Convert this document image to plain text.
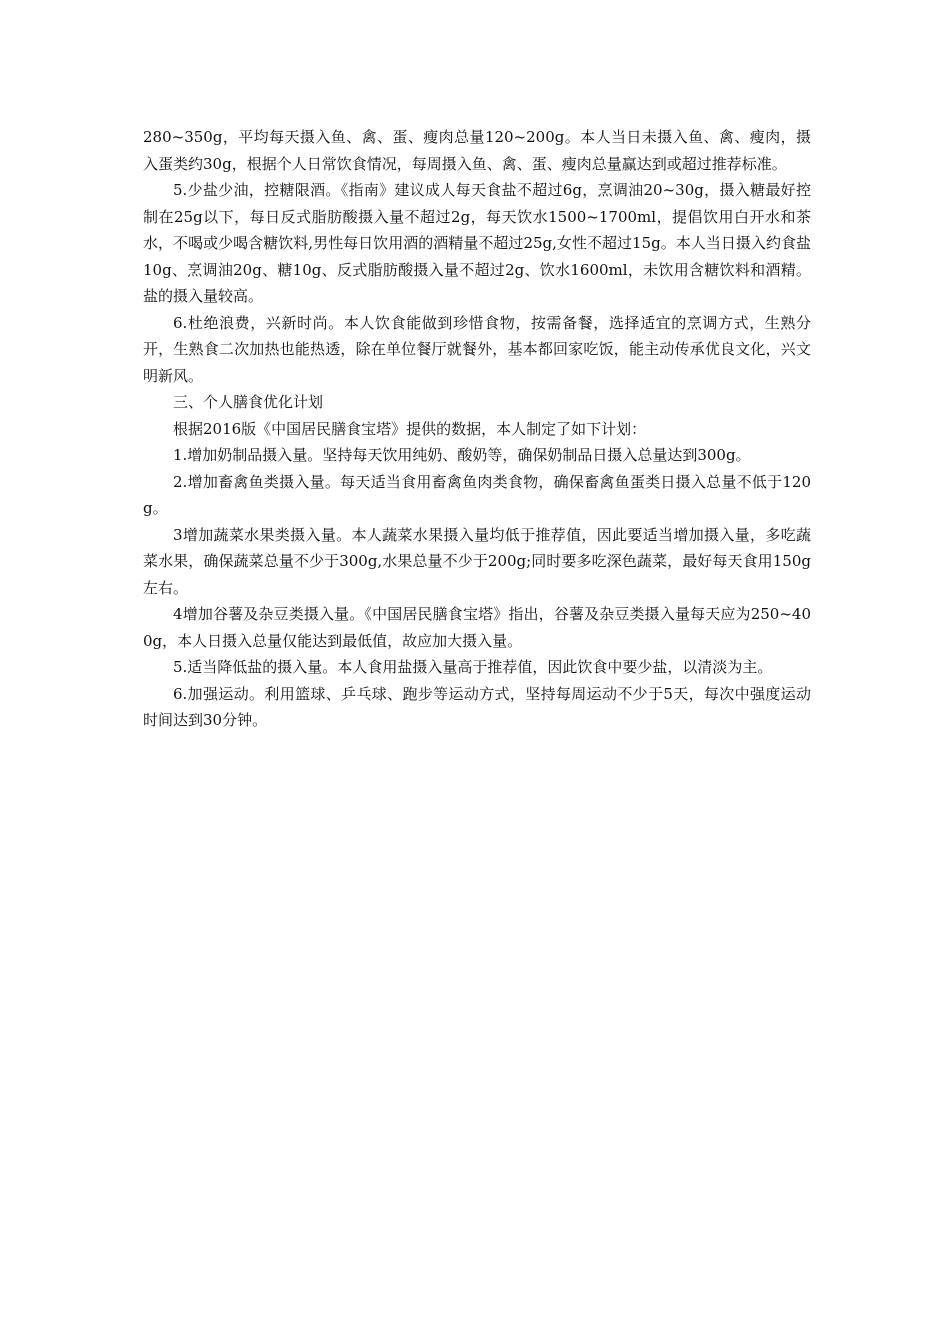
280~350g，平均每天摄入鱼、禽、蛋、瘦肉总量120~200g。本人当日未摄入鱼、禽、瘦肉，摄入蛋类约30g，根据个人日常饮食情况，每周摄入鱼、禽、蛋、瘦肉总量赢达到或超过推荐标准。

5.少盐少油，控糖限酒。《指南》建议成人每天食盐不超过6g，烹调油20~30g，摄入糖最好控制在25g以下，每日反式脂肪酸摄入量不超过2g，每天饮水1500~1700ml，提倡饮用白开水和茶水，不喝或少喝含糖饮料,男性每日饮用酒的酒精量不超过25g,女性不超过15g。本人当日摄入约食盐10g、烹调油20g、糖10g、反式脂肪酸摄入量不超过2g、饮水1600ml，未饮用含糖饮料和酒精。盐的摄入量较高。

6.杜绝浪费，兴新时尚。本人饮食能做到珍惜食物，按需备餐，选择适宜的烹调方式，生熟分开，生熟食二次加热也能热透，除在单位餐厅就餐外，基本都回家吃饭，能主动传承优良文化，兴文明新风。

三、个人膳食优化计划

根据2016版《中国居民膳食宝塔》提供的数据，本人制定了如下计划：

1.增加奶制品摄入量。坚持每天饮用纯奶、酸奶等，确保奶制品日摄入总量达到300g。

2.增加畜禽鱼类摄入量。每天适当食用畜禽鱼肉类食物，确保畜禽鱼蛋类日摄入总量不低于120g。

3增加蔬菜水果类摄入量。本人蔬菜水果摄入量均低于推荐值，因此要适当增加摄入量，多吃蔬菜水果，确保蔬菜总量不少于300g,水果总量不少于200g;同时要多吃深色蔬菜，最好每天食用150g左右。

4增加谷薯及杂豆类摄入量。《中国居民膳食宝塔》指出，谷薯及杂豆类摄入量每天应为250~400g，本人日摄入总量仅能达到最低值，故应加大摄入量。

5.适当降低盐的摄入量。本人食用盐摄入量高于推荐值，因此饮食中要少盐，以清淡为主。

6.加强运动。利用篮球、乒乓球、跑步等运动方式，坚持每周运动不少于5天，每次中强度运动时间达到30分钟。
